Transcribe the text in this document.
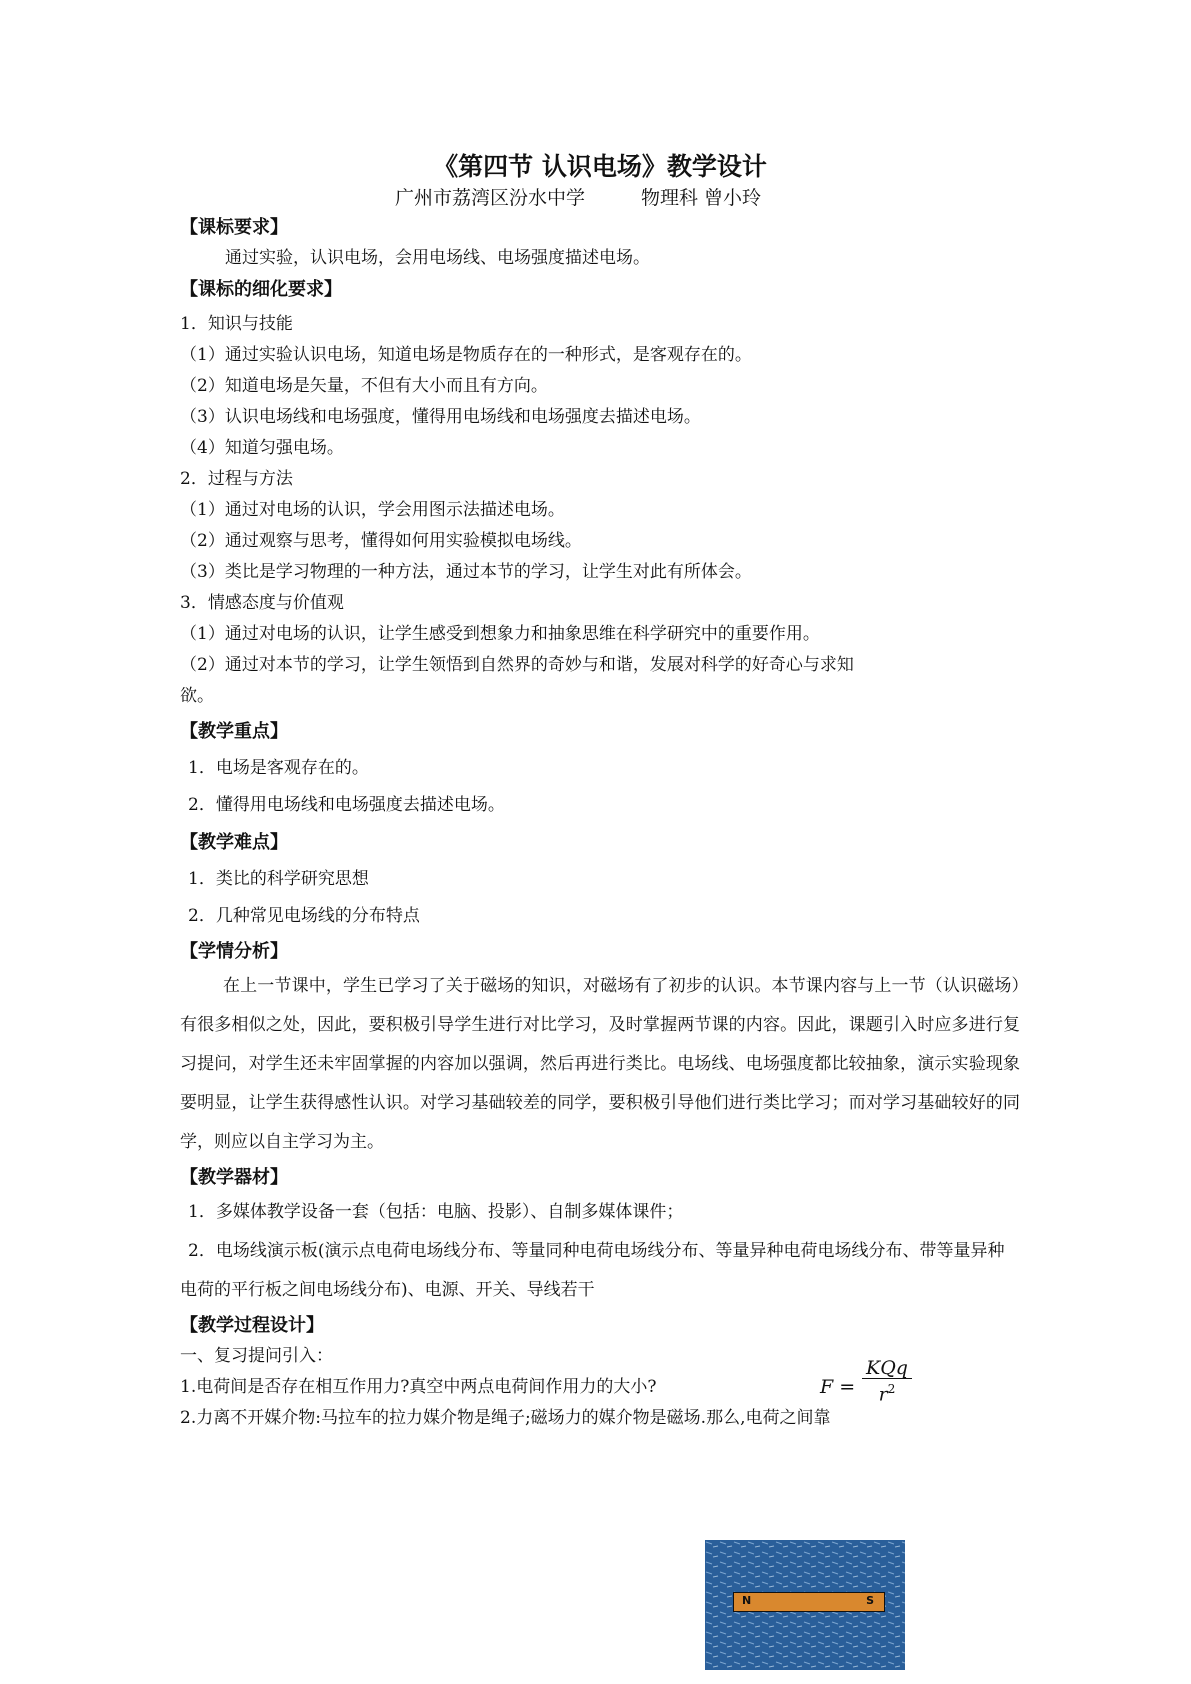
《第四节 认识电场》教学设计

广州市荔湾区汾水中学	物理科 曾小玲

【课标要求】

通过实验，认识电场，会用电场线、电场强度描述电场。

【课标的细化要求】

1．知识与技能

（1）通过实验认识电场，知道电场是物质存在的一种形式，是客观存在的。

（2）知道电场是矢量，不但有大小而且有方向。

（3）认识电场线和电场强度，懂得用电场线和电场强度去描述电场。

（4）知道匀强电场。

2．过程与方法

（1）通过对电场的认识，学会用图示法描述电场。

（2）通过观察与思考，懂得如何用实验模拟电场线。

（3）类比是学习物理的一种方法，通过本节的学习，让学生对此有所体会。

3．情感态度与价值观

（1）通过对电场的认识，让学生感受到想象力和抽象思维在科学研究中的重要作用。

（2）通过对本节的学习，让学生领悟到自然界的奇妙与和谐，发展对科学的好奇心与求知

欲。

【教学重点】

1．电场是客观存在的。

2．懂得用电场线和电场强度去描述电场。

【教学难点】

1．类比的科学研究思想

2．几种常见电场线的分布特点

【学情分析】

在上一节课中，学生已学习了关于磁场的知识，对磁场有了初步的认识。本节课内容与上一节（认识磁场）有很多相似之处，因此，要积极引导学生进行对比学习，及时掌握两节课的内容。因此，课题引入时应多进行复习提问，对学生还未牢固掌握的内容加以强调，然后再进行类比。电场线、电场强度都比较抽象，演示实验现象要明显，让学生获得感性认识。对学习基础较差的同学，要积极引导他们进行类比学习；而对学习基础较好的同学，则应以自主学习为主。

【教学器材】

1．多媒体教学设备一套（包括：电脑、投影）、自制多媒体课件；

2．电场线演示板(演示点电荷电场线分布、等量同种电荷电场线分布、等量异种电荷电场线分布、带等量异种电荷的平行板之间电场线分布)、电源、开关、导线若干

【教学过程设计】

一、复习提问引入：

1.电荷间是否存在相互作用力?真空中两点电荷间作用力的大小?	F =
KQq
$r^2$

2.力离不开媒介物:马拉车的拉力媒介物是绳子;磁场力的媒介物是磁场.那么,电荷之间靠

N	S
